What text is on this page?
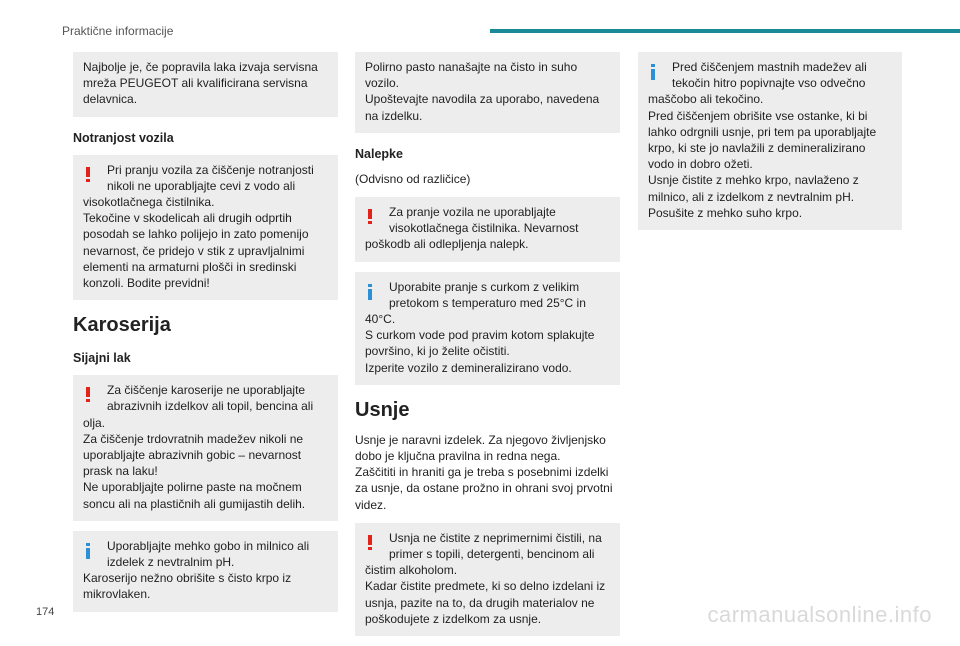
Praktične informacije
Najbolje je, če popravila laka izvaja servisna mreža PEUGEOT ali kvalificirana servisna delavnica.
Notranjost vozila
Pri pranju vozila za čiščenje notranjosti nikoli ne uporabljajte cevi z vodo ali
visokotlačnega čistilnika.
Tekočine v skodelicah ali drugih odprtih posodah se lahko polijejo in zato pomenijo nevarnost, če pridejo v stik z upravljalnimi elementi na armaturni plošči in sredinski konzoli. Bodite previdni!
Karoserija
Sijajni lak
Za čiščenje karoserije ne uporabljajte abrazivnih izdelkov ali topil, bencina ali
olja.
Za čiščenje trdovratnih madežev nikoli ne uporabljajte abrazivnih gobic – nevarnost prask na laku!
Ne uporabljajte polirne paste na močnem soncu ali na plastičnih ali gumijastih delih.
Uporabljajte mehko gobo in milnico ali izdelek z nevtralnim pH.
Karoserijo nežno obrišite s čisto krpo iz mikrovlaken.
Polirno pasto nanašajte na čisto in suho vozilo.
Upoštevajte navodila za uporabo, navedena na izdelku.
Nalepke

(Odvisno od različice)

Za pranje vozila ne uporabljajte visokotlačnega čistilnika. Nevarnost
poškodb ali odlepljenja nalepk.
Uporabite pranje s curkom z velikim pretokom s temperaturo med 25°C in
40°C.
S curkom vode pod pravim kotom splakujte površino, ki jo želite očistiti.
Izperite vozilo z demineralizirano vodo.
Usnje

Usnje je naravni izdelek. Za njegovo življenjsko dobo je ključna pravilna in redna nega.
Zaščititi in hraniti ga je treba s posebnimi izdelki za usnje, da ostane prožno in ohrani svoj prvotni videz.

Usnja ne čistite z neprimernimi čistili, na primer s topili, detergenti, bencinom ali
čistim alkoholom.
Kadar čistite predmete, ki so delno izdelani iz usnja, pazite na to, da drugih materialov ne poškodujete z izdelkom za usnje.
Pred čiščenjem mastnih madežev ali tekočin hitro popivnajte vso odvečno
maščobo ali tekočino.
Pred čiščenjem obrišite vse ostanke, ki bi lahko odrgnili usnje, pri tem pa uporabljajte krpo, ki ste jo navlažili z demineraliziranо vodo in dobro ožeti.
Usnje čistite z mehko krpo, navlaženo z milnico, ali z izdelkom z nevtralnim pH.
Posušite z mehko suho krpo.
174	carmanualsonline.info
